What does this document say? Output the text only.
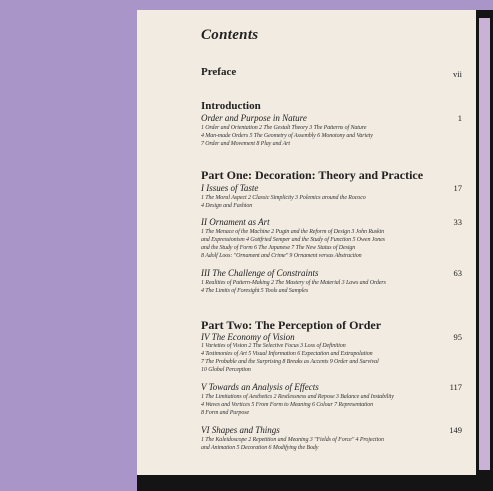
Contents
Preface	vii
Introduction
Order and Purpose in Nature	1
1 Order and Orientation 2 The Gestalt Theory 3 The Patterns of Nature
4 Man-made Orders 5 The Geometry of Assembly 6 Monotony and Variety
7 Order and Movement 8 Play and Art
Part One: Decoration: Theory and Practice
I Issues of Taste	17
1 The Moral Aspect 2 Classic Simplicity 3 Polemics around the Rococo
4 Design and Fashion
II Ornament as Art	33
1 The Menace of the Machine 2 Pugin and the Reform of Design 3 John Ruskin
and Expressionism 4 Gottfried Semper and the Study of Function 5 Owen Jones
and the Study of Form 6 The Japanese 7 The New Status of Design
8 Adolf Loos: "Ornament and Crime" 9 Ornament versus Abstraction
III The Challenge of Constraints	63
1 Realities of Pattern-Making 2 The Mastery of the Material 3 Laws and Orders
4 The Limits of Foresight 5 Tools and Samples
Part Two: The Perception of Order
IV The Economy of Vision	95
1 Varieties of Vision 2 The Selective Focus 3 Loss of Definition
4 Testimonies of Art 5 Visual Information 6 Expectation and Extrapolation
7 The Probable and the Surprising 8 Breaks as Accents 9 Order and Survival
10 Global Perception
V Towards an Analysis of Effects	117
1 The Limitations of Aesthetics 2 Restlessness and Repose 3 Balance and Instability
4 Waves and Vortices 5 From Form to Meaning 6 Colour 7 Representation
8 Form and Purpose
VI Shapes and Things	149
1 The Kaleidoscope 2 Repetition and Meaning 3 "Fields of Force" 4 Projection
and Animation 5 Decoration 6 Modifying the Body
